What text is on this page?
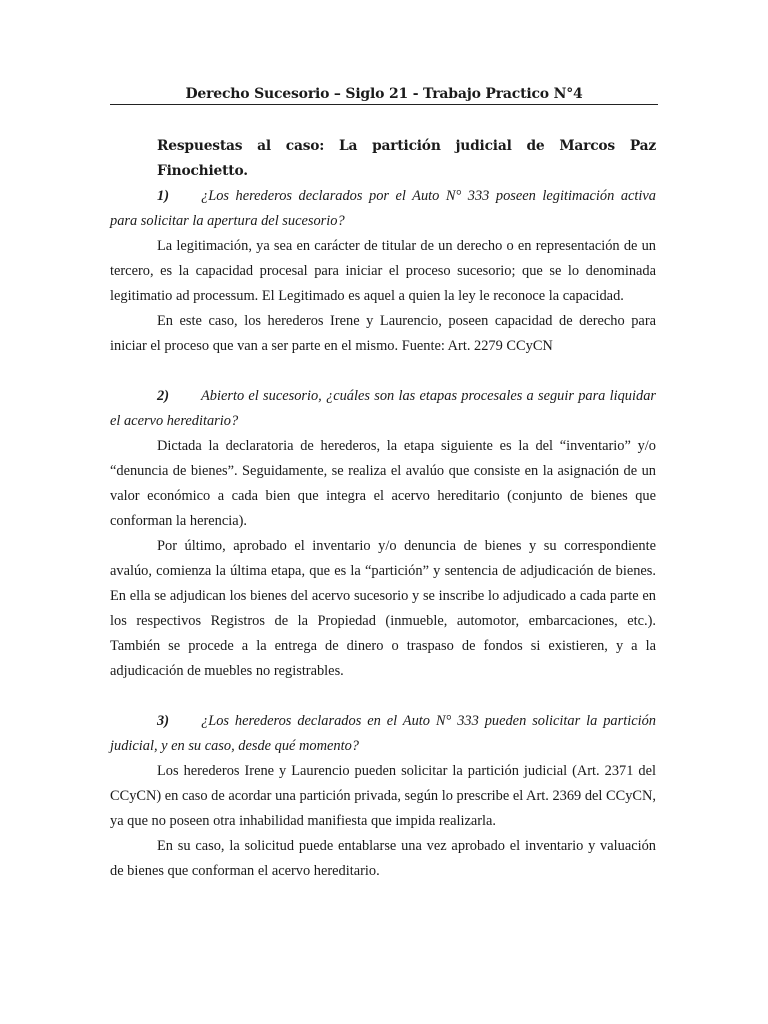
Derecho Sucesorio – Siglo 21 - Trabajo Practico N°4

Respuestas al caso: La partición judicial de Marcos Paz Finochietto.

1) ¿Los herederos declarados por el Auto N° 333 poseen legitimación activa para solicitar la apertura del sucesorio?

La legitimación, ya sea en carácter de titular de un derecho o en representación de un tercero, es la capacidad procesal para iniciar el proceso sucesorio; que se lo denominada legitimatio ad processum. El Legitimado es aquel a quien la ley le reconoce la capacidad.

En este caso, los herederos Irene y Laurencio, poseen capacidad de derecho para iniciar el proceso que van a ser parte en el mismo. Fuente: Art. 2279 CCyCN

2) Abierto el sucesorio, ¿cuáles son las etapas procesales a seguir para liquidar el acervo hereditario?

Dictada la declaratoria de herederos, la etapa siguiente es la del “inventario” y/o “denuncia de bienes”. Seguidamente, se realiza el avalúo que consiste en la asignación de un valor económico a cada bien que integra el acervo hereditario (conjunto de bienes que conforman la herencia).

Por último, aprobado el inventario y/o denuncia de bienes y su correspondiente avalúo, comienza la última etapa, que es la “partición” y sentencia de adjudicación de bienes. En ella se adjudican los bienes del acervo sucesorio y se inscribe lo adjudicado a cada parte en los respectivos Registros de la Propiedad (inmueble, automotor, embarcaciones, etc.). También se procede a la entrega de dinero o traspaso de fondos si existieren, y a la adjudicación de muebles no registrables.

3) ¿Los herederos declarados en el Auto N° 333 pueden solicitar la partición judicial, y en su caso, desde qué momento?

Los herederos Irene y Laurencio pueden solicitar la partición judicial (Art. 2371 del CCyCN) en caso de acordar una partición privada, según lo prescribe el Art. 2369 del CCyCN, ya que no poseen otra inhabilidad manifiesta que impida realizarla.

En su caso, la solicitud puede entablarse una vez aprobado el inventario y valuación de bienes que conforman el acervo hereditario.
